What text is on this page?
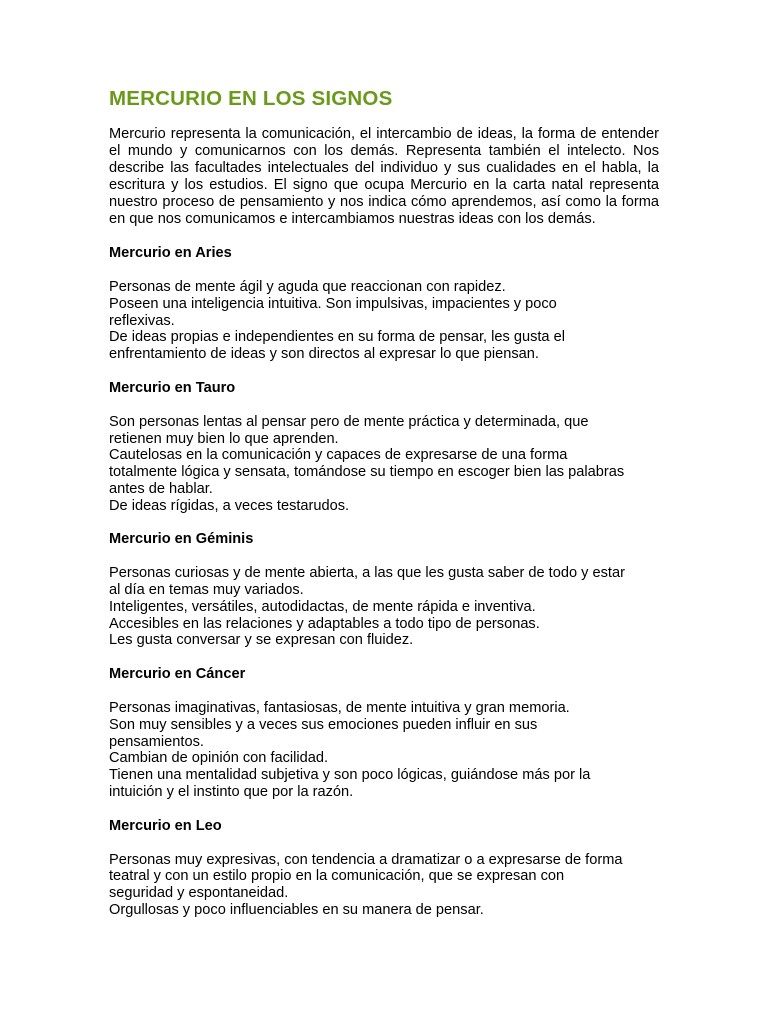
MERCURIO EN LOS SIGNOS

Mercurio representa la comunicación, el intercambio de ideas, la forma de entender el mundo y comunicarnos con los demás. Representa también el intelecto. Nos describe las facultades intelectuales del individuo y sus cualidades en el habla, la escritura y los estudios. El signo que ocupa Mercurio en la carta natal representa nuestro proceso de pensamiento y nos indica cómo aprendemos, así como la forma en que nos comunicamos e intercambiamos nuestras ideas con los demás.

Mercurio en Aries
Personas de mente ágil y aguda que reaccionan con rapidez.
Poseen una inteligencia intuitiva. Son impulsivas, impacientes y poco
reflexivas.
De ideas propias e independientes en su forma de pensar, les gusta el
enfrentamiento de ideas y son directos al expresar lo que piensan.
Mercurio en Tauro
Son personas lentas al pensar pero de mente práctica y determinada, que
retienen muy bien lo que aprenden.
Cautelosas en la comunicación y capaces de expresarse de una forma
totalmente lógica y sensata, tomándose su tiempo en escoger bien las palabras
antes de hablar.
De ideas rígidas, a veces testarudos.
Mercurio en Géminis
Personas curiosas y de mente abierta, a las que les gusta saber de todo y estar
al día en temas muy variados.
Inteligentes, versátiles, autodidactas, de mente rápida e inventiva.
Accesibles en las relaciones y adaptables a todo tipo de personas.
Les gusta conversar y se expresan con fluidez.
Mercurio en Cáncer
Personas imaginativas, fantasiosas, de mente intuitiva y gran memoria.
Son muy sensibles y a veces sus emociones pueden influir en sus
pensamientos.
Cambian de opinión con facilidad.
Tienen una mentalidad subjetiva y son poco lógicas, guiándose más por la
intuición y el instinto que por la razón.
Mercurio en Leo
Personas muy expresivas, con tendencia a dramatizar o a expresarse de forma
teatral y con un estilo propio en la comunicación, que se expresan con
seguridad y espontaneidad.
Orgullosas y poco influenciables en su manera de pensar.
